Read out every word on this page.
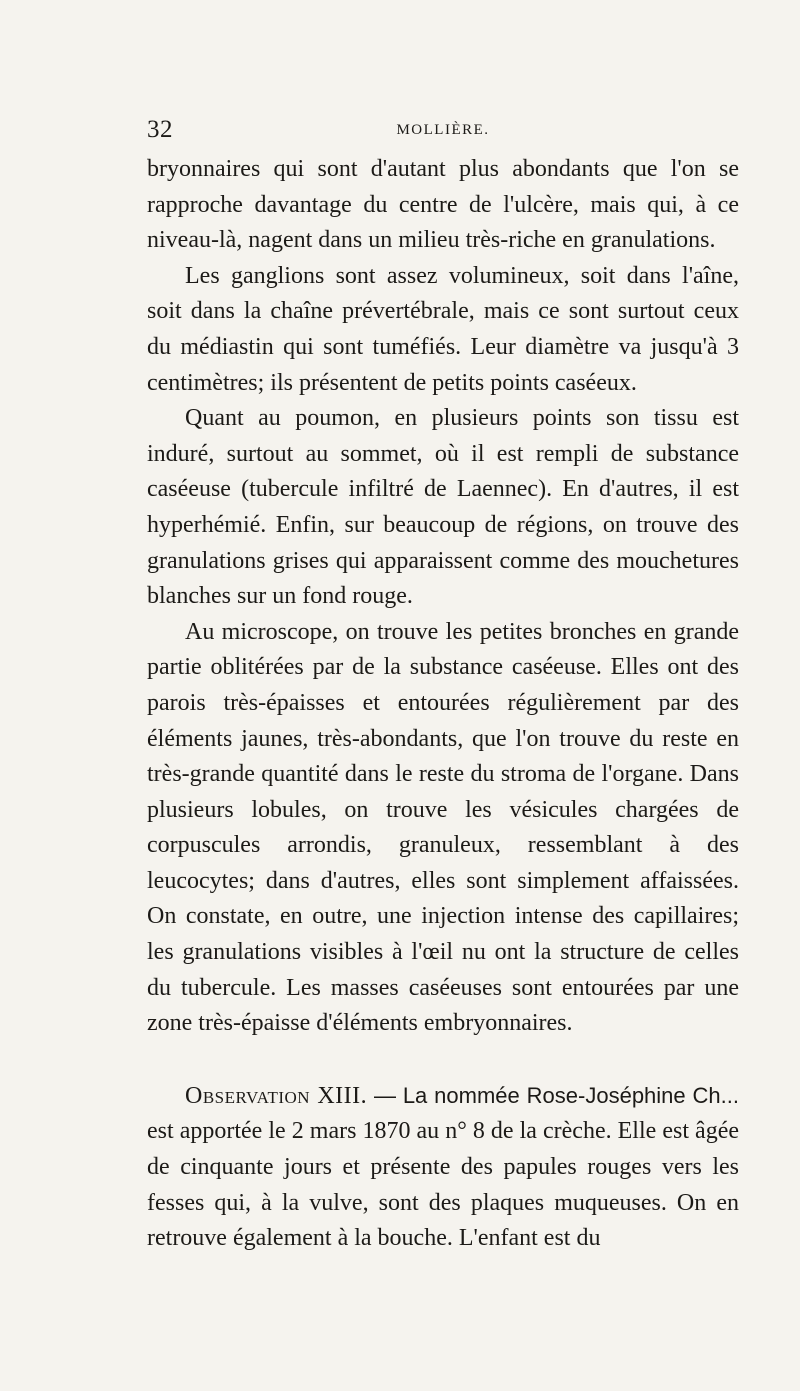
32	MOLLIÈRE.

bryonnaires qui sont d'autant plus abondants que l'on se rapproche davantage du centre de l'ulcère, mais qui, à ce niveau-là, nagent dans un milieu très-riche en granulations.

Les ganglions sont assez volumineux, soit dans l'aîne, soit dans la chaîne prévertébrale, mais ce sont surtout ceux du médiastin qui sont tuméfiés. Leur diamètre va jusqu'à 3 centimètres; ils présentent de petits points caséeux.

Quant au poumon, en plusieurs points son tissu est induré, surtout au sommet, où il est rempli de substance caséeuse (tubercule infiltré de Laennec). En d'autres, il est hyperhémié. Enfin, sur beaucoup de régions, on trouve des granulations grises qui apparaissent comme des mouchetures blanches sur un fond rouge.

Au microscope, on trouve les petites bronches en grande partie oblitérées par de la substance caséeuse. Elles ont des parois très-épaisses et entourées régulièrement par des éléments jaunes, très-abondants, que l'on trouve du reste en très-grande quantité dans le reste du stroma de l'organe. Dans plusieurs lobules, on trouve les vésicules chargées de corpuscules arrondis, granuleux, ressemblant à des leucocytes; dans d'autres, elles sont simplement affaissées. On constate, en outre, une injection intense des capillaires; les granulations visibles à l'œil nu ont la structure de celles du tubercule. Les masses caséeuses sont entourées par une zone très-épaisse d'éléments embryonnaires.

Observation XIII. — La nommée Rose-Joséphine Ch... est apportée le 2 mars 1870 au n° 8 de la crèche. Elle est âgée de cinquante jours et présente des papules rouges vers les fesses qui, à la vulve, sont des plaques muqueuses. On en retrouve également à la bouche. L'enfant est du
